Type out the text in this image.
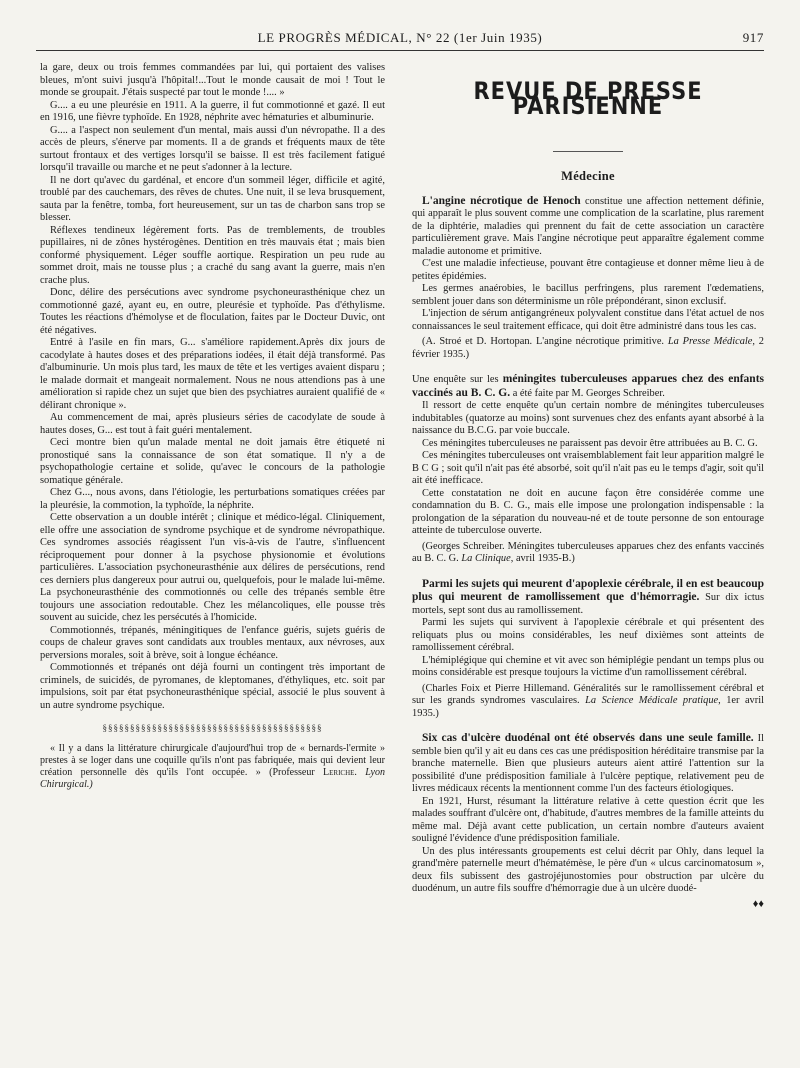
LE PROGRÈS MÉDICAL, N° 22 (1er Juin 1935)	917

la gare, deux ou trois femmes commandées par lui, qui portaient des valises bleues, m'ont suivi jusqu'à l'hôpital!...Tout le monde causait de moi ! Tout le monde se groupait. J'étais suspecté par tout le monde !.... »

G.... a eu une pleurésie en 1911. A la guerre, il fut commotionné et gazé. Il eut en 1916, une fièvre typhoïde. En 1928, néphrite avec hématuries et albuminurie.

G.... a l'aspect non seulement d'un mental, mais aussi d'un névropathe. Il a des accès de pleurs, s'énerve par moments. Il a de grands et fréquents maux de tête surtout frontaux et des vertiges lorsqu'il se baisse. Il est très facilement fatigué lorsqu'il travaille ou marche et ne peut s'adonner à la lecture.

Il ne dort qu'avec du gardénal, et encore d'un sommeil léger, difficile et agité, troublé par des cauchemars, des rêves de chutes. Une nuit, il se leva brusquement, sauta par la fenêtre, tomba, fort heureusement, sur un tas de charbon sans trop se blesser.

Réflexes tendineux légèrement forts. Pas de tremblements, de troubles pupillaires, ni de zônes hystérogènes. Dentition en très mauvais état ; mais bien conformé physiquement. Léger souffle aortique. Respiration un peu rude au sommet droit, mais ne tousse plus ; a craché du sang avant la guerre, mais n'en crache plus.

Donc, délire des persécutions avec syndrome psychoneurasthénique chez un commotionné gazé, ayant eu, en outre, pleurésie et typhoïde. Pas d'éthylisme. Toutes les réactions d'hémolyse et de floculation, faites par le Docteur Duvic, ont été négatives.

Entré à l'asile en fin mars, G... s'améliore rapidement.Après dix jours de cacodylate à hautes doses et des préparations iodées, il était déjà transformé. Pas d'albuminurie. Un mois plus tard, les maux de tête et les vertiges avaient disparu ; le malade dormait et mangeait normalement. Nous ne nous attendions pas à une amélioration si rapide chez un sujet que bien des psychiatres auraient qualifié de « délirant chronique ».

Au commencement de mai, après plusieurs séries de cacodylate de soude à hautes doses, G... est tout à fait guéri mentalement.

Ceci montre bien qu'un malade mental ne doit jamais être étiqueté ni pronostiqué sans la connaissance de son état somatique. Il n'y a de psychopathologie certaine et solide, qu'avec le concours de la pathologie somatique générale.

Chez G..., nous avons, dans l'étiologie, les perturbations somatiques créées par la pleurésie, la commotion, la typhoïde, la néphrite.

Cette observation a un double intérêt ; clinique et médico-légal. Cliniquement, elle offre une association de syndrome psychique et de syndrome névropathique. Ces syndromes associés réagissent l'un vis-à-vis de l'autre, s'influencent réciproquement pour donner à la psychose physionomie et évolutions particulières. L'association psychoneurasthénie aux délires de persécutions, rend ces derniers plus dangereux pour autrui ou, quelquefois, pour le malade lui-même. La psychoneurasthénie des commotionnés ou celle des trépanés semble être toujours une association redoutable. Chez les mélancoliques, elle pousse très souvent au suicide, chez les persécutés à l'homicide.

Commotionnés, trépanés, méningitiques de l'enfance guéris, sujets guéris de coups de chaleur graves sont candidats aux troubles mentaux, aux névroses, aux perversions morales, soit à brève, soit à longue échéance.

Commotionnés et trépanés ont déjà fourni un contingent très important de criminels, de suicidés, de pyromanes, de kleptomanes, d'éthyliques, etc. soit par impulsions, soit par état psychoneurasthénique spécial, associé le plus souvent à un autre syndrome psychique.

§§§§§§§§§§§§§§§§§§§§§§§§§§§§§§§§§§§§§§§§

« Il y a dans la littérature chirurgicale d'aujourd'hui trop de « bernards-l'ermite » prestes à se loger dans une coquille qu'ils n'ont pas fabriquée, mais qui devient leur création personnelle dès qu'ils l'ont occupée. » (Professeur Leriche. Lyon Chirurgical.)

REVUE DE PRESSE PARISIENNE
Médecine

L'angine nécrotique de Henoch constitue une affection nettement définie, qui apparaît le plus souvent comme une complication de la scarlatine, plus rarement de la diphtérie, maladies qui prennent du fait de cette association un caractère particulièrement grave. Mais l'angine nécrotique peut apparaître également comme maladie autonome et primitive.

C'est une maladie infectieuse, pouvant être contagieuse et donner même lieu à de petites épidémies.

Les germes anaérobies, le bacillus perfringens, plus rarement l'œdematiens, semblent jouer dans son déterminisme un rôle prépondérant, sinon exclusif.

L'injection de sérum antigangréneux polyvalent constitue dans l'état actuel de nos connaissances le seul traitement efficace, qui doit être administré dans tous les cas.

(A. Stroé et D. Hortopan. L'angine nécrotique primitive. La Presse Médicale, 2 février 1935.)

Une enquête sur les méningites tuberculeuses apparues chez des enfants vaccinés au B. C. G. a été faite par M. Georges Schreiber.

Il ressort de cette enquête qu'un certain nombre de méningites tuberculeuses indubitables (quatorze au moins) sont survenues chez des enfants ayant absorbé à la naissance du B.C.G. par voie buccale.

Ces méningites tuberculeuses ne paraissent pas devoir être attribuées au B. C. G.

Ces méningites tuberculeuses ont vraisemblablement fait leur apparition malgré le B C G ; soit qu'il n'ait pas été absorbé, soit qu'il n'ait pas eu le temps d'agir, soit qu'il ait été inefficace.

Cette constatation ne doit en aucune façon être considérée comme une condamnation du B. C. G., mais elle impose une prolongation indispensable : la prolongation de la séparation du nouveau-né et de toute personne de son entourage atteinte de tuberculose ouverte.

(Georges Schreiber. Méningites tuberculeuses apparues chez des enfants vaccinés au B. C. G. La Clinique, avril 1935-B.)

Parmi les sujets qui meurent d'apoplexie cérébrale, il en est beaucoup plus qui meurent de ramollissement que d'hémorragie. Sur dix ictus mortels, sept sont dus au ramollissement.

Parmi les sujets qui survivent à l'apoplexie cérébrale et qui présentent des reliquats plus ou moins considérables, les neuf dixièmes sont atteints de ramollissement cérébral.

L'hémiplégique qui chemine et vit avec son hémiplégie pendant un temps plus ou moins considérable est presque toujours la victime d'un ramollissement cérébral.

(Charles Foix et Pierre Hillemand. Généralités sur le ramollissement cérébral et sur les grands syndromes vasculaires. La Science Médicale pratique, 1er avril 1935.)

Six cas d'ulcère duodénal ont été observés dans une seule famille. Il semble bien qu'il y ait eu dans ces cas une prédisposition héréditaire transmise par la branche maternelle. Bien que plusieurs auteurs aient attiré l'attention sur la possibilité d'une prédisposition familiale à l'ulcère peptique, relativement peu de livres médicaux récents la mentionnent comme l'un des facteurs étiologiques.

En 1921, Hurst, résumant la littérature relative à cette question écrit que les malades souffrant d'ulcère ont, d'habitude, d'autres membres de la famille atteints du même mal. Déjà avant cette publication, un certain nombre d'auteurs avaient souligné l'évidence d'une prédisposition familiale.

Un des plus intéressants groupements est celui décrit par Ohly, dans lequel la grand'mère paternelle meurt d'hématémèse, le père d'un « ulcus carcinomatosum », deux fils subissent des gastrojéjunostomies pour obstruction par ulcère du duodénum, un autre fils souffre d'hémorragie due à un ulcère duodé-

♦♦
